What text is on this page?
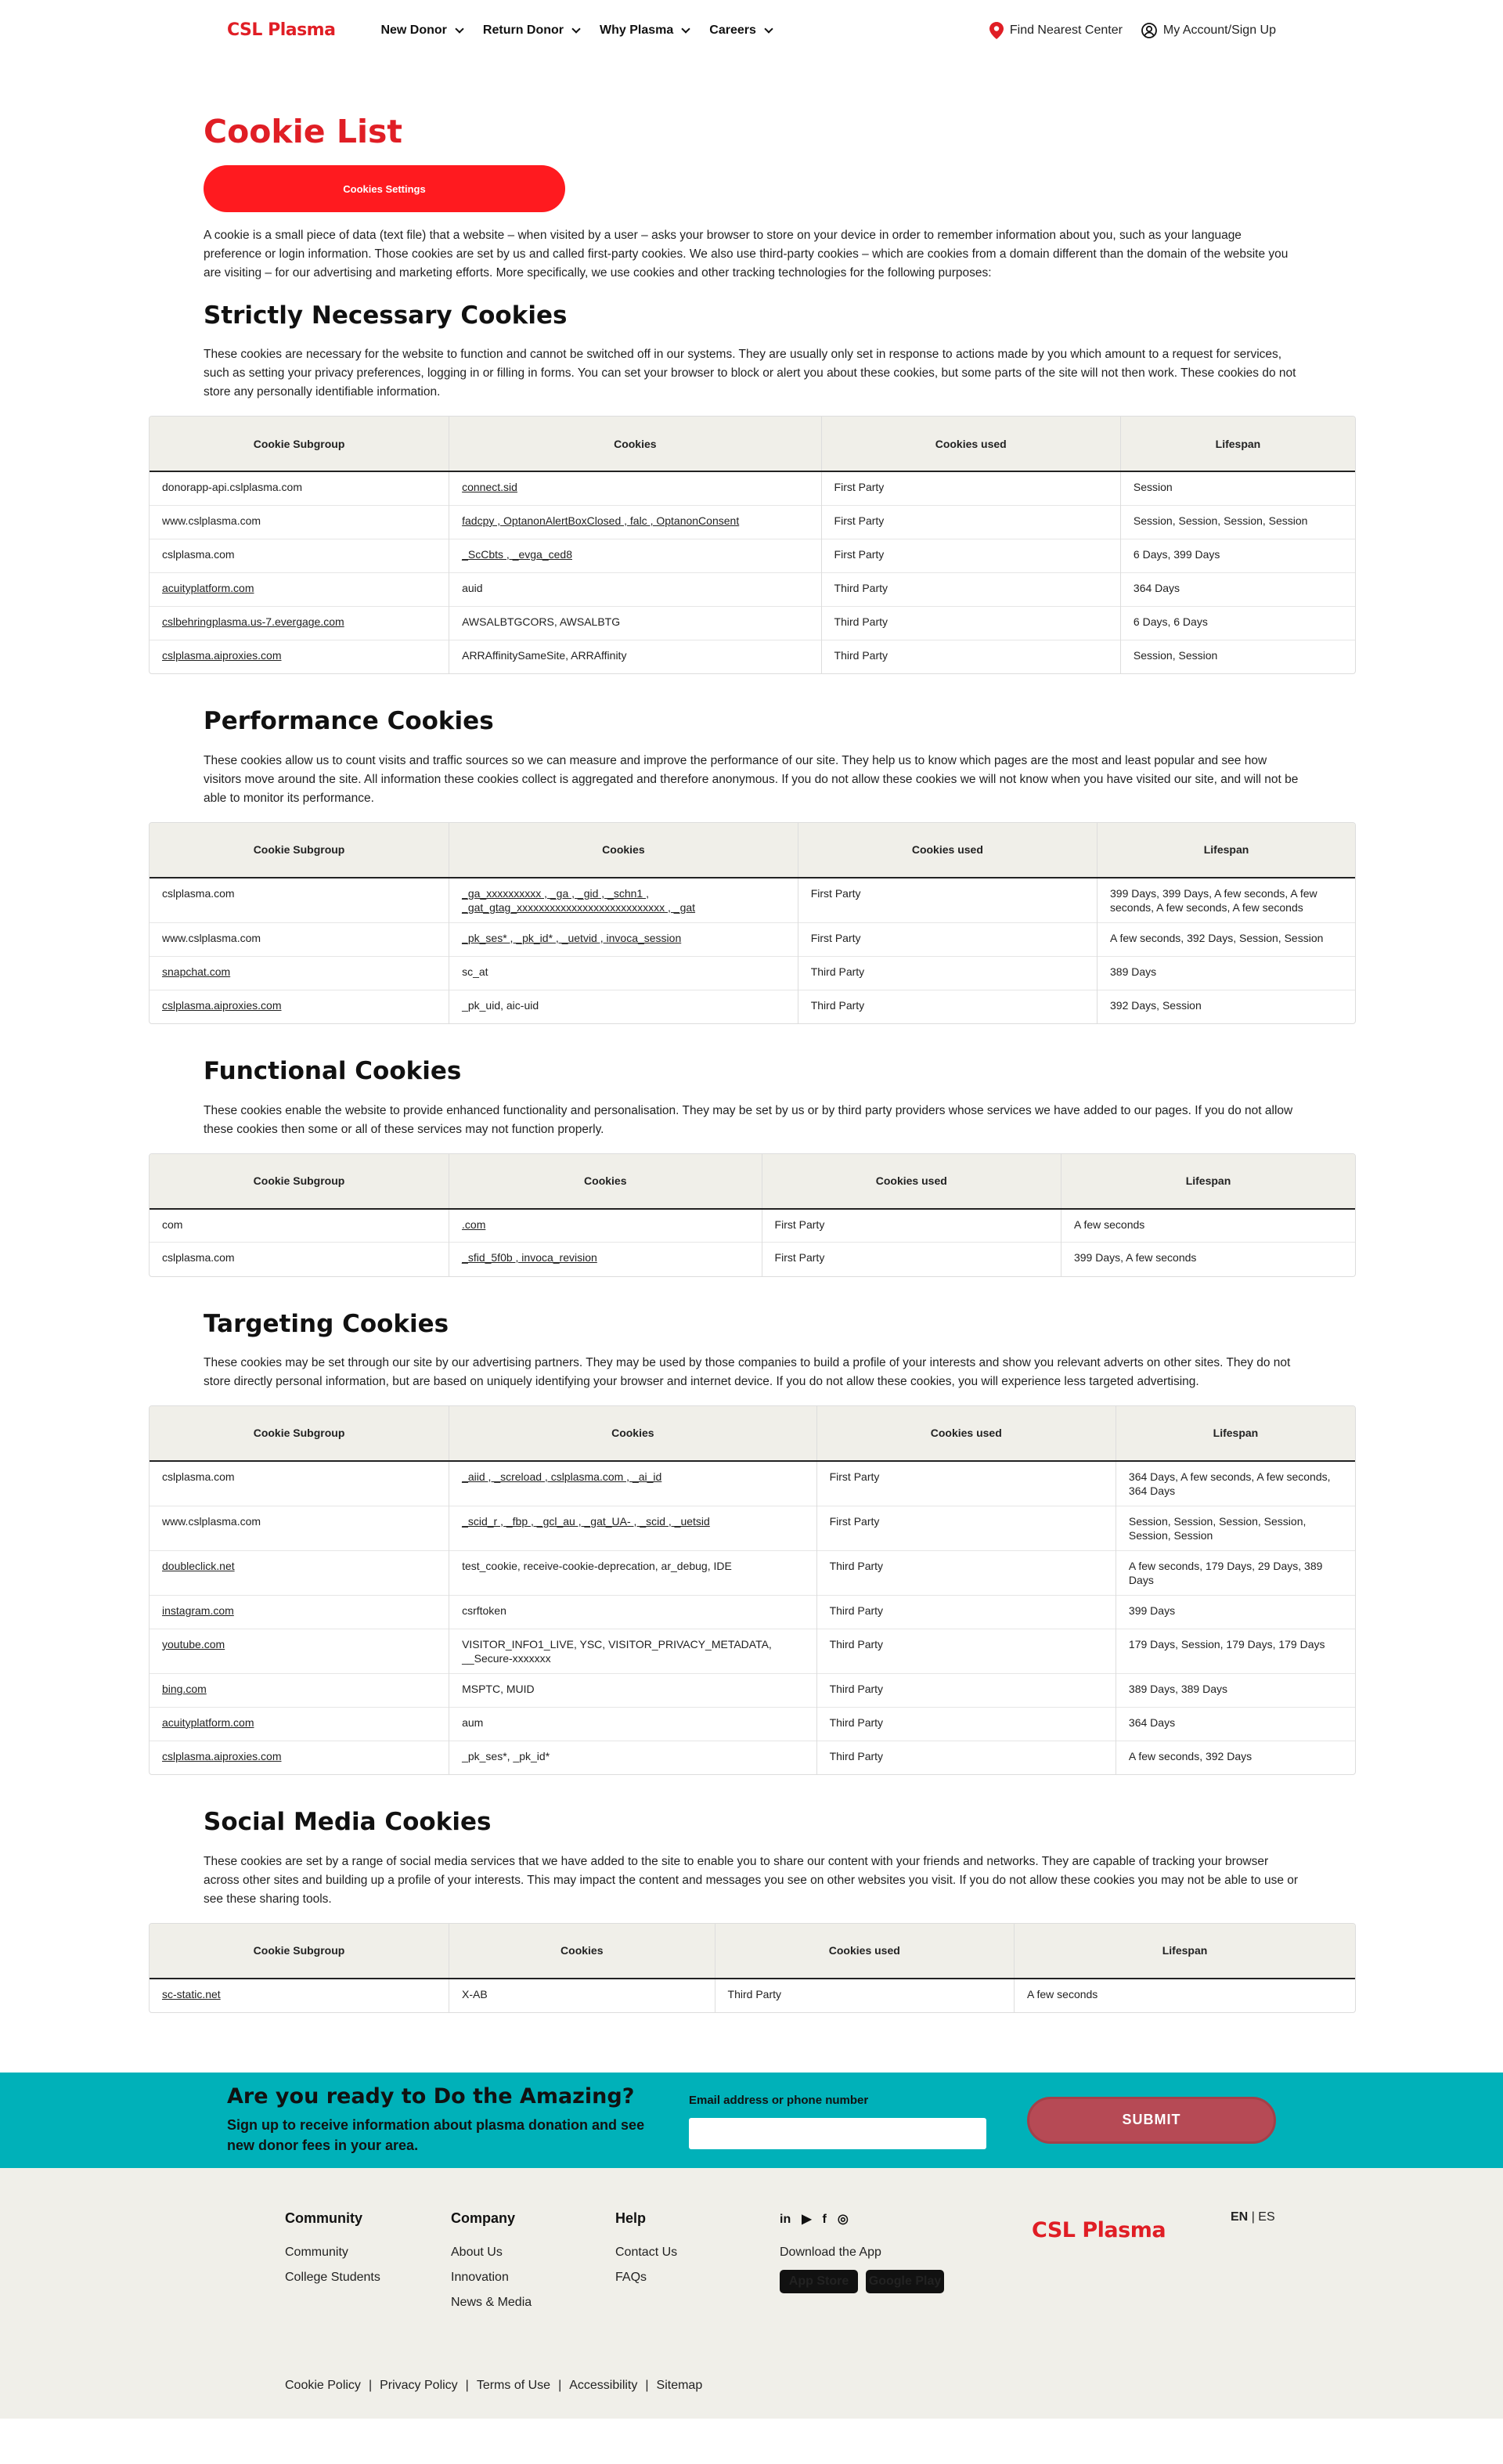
CSL Plasma	New Donor	Return Donor	Why Plasma	Careers	Find Nearest Center	My Account/Sign Up
Cookie List
Cookies Settings

A cookie is a small piece of data (text file) that a website – when visited by a user – asks your browser to store on your device in order to remember information about you, such as your language preference or login information. Those cookies are set by us and called first-party cookies. We also use third-party cookies – which are cookies from a domain different than the domain of the website you are visiting – for our advertising and marketing efforts. More specifically, we use cookies and other tracking technologies for the following purposes:

Strictly Necessary Cookies

These cookies are necessary for the website to function and cannot be switched off in our systems. They are usually only set in response to actions made by you which amount to a request for services, such as setting your privacy preferences, logging in or filling in forms. You can set your browser to block or alert you about these cookies, but some parts of the site will not then work. These cookies do not store any personally identifiable information.

Cookie Subgroup	Cookies	Cookies used	Lifespan
donorapp-api.cslplasma.com	connect.sid	First Party	Session
www.cslplasma.com	fadcpy , OptanonAlertBoxClosed , falc , OptanonConsent	First Party	Session, Session, Session, Session
cslplasma.com	_ScCbts , _evga_ced8	First Party	6 Days, 399 Days
acuityplatform.com	auid	Third Party	364 Days
cslbehringplasma.us-7.evergage.com	AWSALBTGCORS, AWSALBTG	Third Party	6 Days, 6 Days
cslplasma.aiproxies.com	ARRAffinitySameSite, ARRAffinity	Third Party	Session, Session
Performance Cookies

These cookies allow us to count visits and traffic sources so we can measure and improve the performance of our site. They help us to know which pages are the most and least popular and see how visitors move around the site. All information these cookies collect is aggregated and therefore anonymous. If you do not allow these cookies we will not know when you have visited our site, and will not be able to monitor its performance.

Cookie Subgroup	Cookies	Cookies used	Lifespan
cslplasma.com	_ga_xxxxxxxxxx , _ga , _gid , _schn1 , _gat_gtag_xxxxxxxxxxxxxxxxxxxxxxxxxxx , _gat	First Party	399 Days, 399 Days, A few seconds, A few seconds, A few seconds, A few seconds
www.cslplasma.com	_pk_ses* , _pk_id* , _uetvid , invoca_session	First Party	A few seconds, 392 Days, Session, Session
snapchat.com	sc_at	Third Party	389 Days
cslplasma.aiproxies.com	_pk_uid, aic-uid	Third Party	392 Days, Session
Functional Cookies

These cookies enable the website to provide enhanced functionality and personalisation. They may be set by us or by third party providers whose services we have added to our pages. If you do not allow these cookies then some or all of these services may not function properly.

Cookie Subgroup	Cookies	Cookies used	Lifespan
com	.com	First Party	A few seconds
cslplasma.com	_sfid_5f0b , invoca_revision	First Party	399 Days, A few seconds
Targeting Cookies

These cookies may be set through our site by our advertising partners. They may be used by those companies to build a profile of your interests and show you relevant adverts on other sites. They do not store directly personal information, but are based on uniquely identifying your browser and internet device. If you do not allow these cookies, you will experience less targeted advertising.

Cookie Subgroup	Cookies	Cookies used	Lifespan
cslplasma.com	_aiid , _screload , cslplasma.com , _ai_id	First Party	364 Days, A few seconds, A few seconds, 364 Days
www.cslplasma.com	_scid_r , _fbp , _gcl_au , _gat_UA- , _scid , _uetsid	First Party	Session, Session, Session, Session, Session, Session
doubleclick.net	test_cookie, receive-cookie-deprecation, ar_debug, IDE	Third Party	A few seconds, 179 Days, 29 Days, 389 Days
instagram.com	csrftoken	Third Party	399 Days
youtube.com	VISITOR_INFO1_LIVE, YSC, VISITOR_PRIVACY_METADATA, __Secure-xxxxxxx	Third Party	179 Days, Session, 179 Days, 179 Days
bing.com	MSPTC, MUID	Third Party	389 Days, 389 Days
acuityplatform.com	aum	Third Party	364 Days
cslplasma.aiproxies.com	_pk_ses*, _pk_id*	Third Party	A few seconds, 392 Days
Social Media Cookies

These cookies are set by a range of social media services that we have added to the site to enable you to share our content with your friends and networks. They are capable of tracking your browser across other sites and building up a profile of your interests. This may impact the content and messages you see on other websites you visit. If you do not allow these cookies you may not be able to use or see these sharing tools.

Cookie Subgroup	Cookies	Cookies used	Lifespan
sc-static.net	X-AB	Third Party	A few seconds
Are you ready to Do the Amazing?
Sign up to receive information about plasma donation and see new donor fees in your area.
Email address or phone number
SUBMIT
Community
Community
College Students
Company
About Us
Innovation
News & Media
Help
Contact Us
FAQs
in ▶ f ◎
Download the App
App Store	Google Play
CSL Plasma
EN | ES
Cookie Policy | Privacy Policy | Terms of Use | Accessibility | Sitemap
